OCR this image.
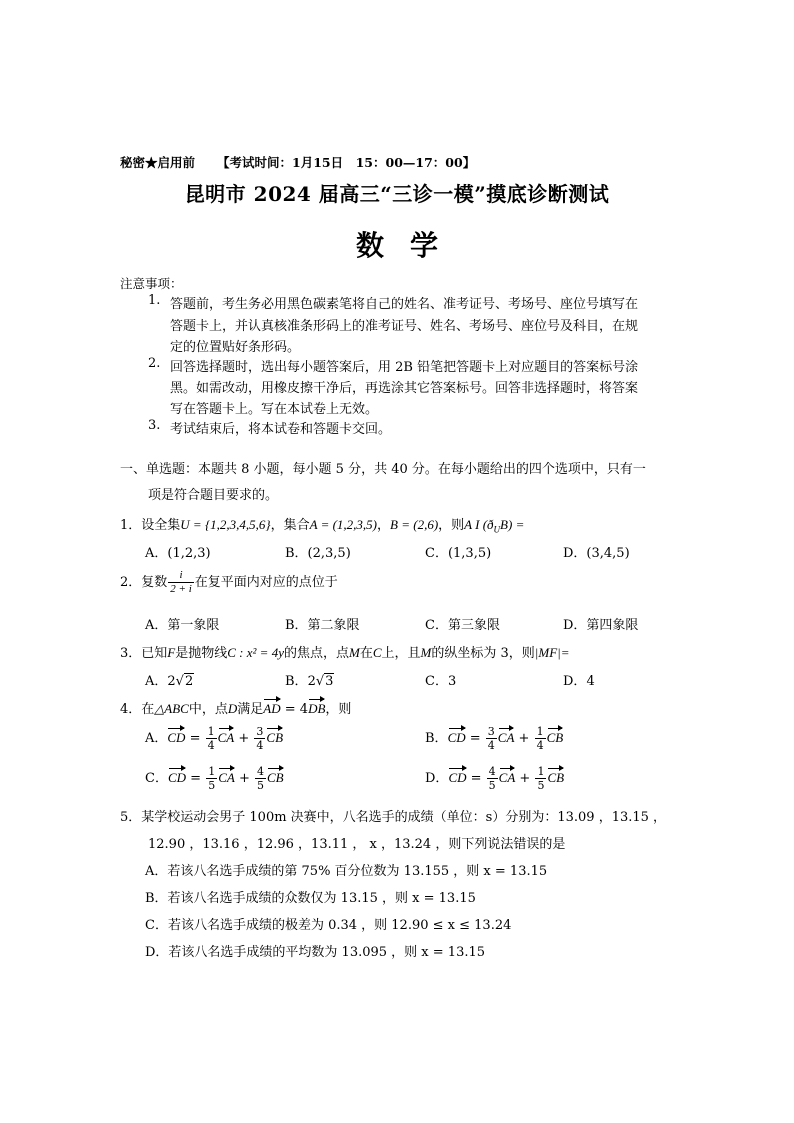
秘密★启用前 【考试时间：1月15日　15：00—17：00】
昆明市 2024 届高三“三诊一模”摸底诊断测试
数学
注意事项：
1. 答题前，考生务必用黑色碳素笔将自己的姓名、准考证号、考场号、座位号填写在
答题卡上，并认真核准条形码上的准考证号、姓名、考场号、座位号及科目，在规
定的位置贴好条形码。
2. 回答选择题时，选出每小题答案后，用 2B 铅笔把答题卡上对应题目的答案标号涂
黑。如需改动，用橡皮擦干净后，再选涂其它答案标号。回答非选择题时，将答案
写在答题卡上。写在本试卷上无效。
3. 考试结束后，将本试卷和答题卡交回。
一、单选题：本题共 8 小题，每小题 5 分，共 40 分。在每小题给出的四个选项中，只有一
项是符合题目要求的。
1．设全集U = {1,2,3,4,5,6}，集合A = (1,2,3,5)，B = (2,6)，则A I $(ð_UB)$ =
A．(1,2,3)	B．(2,3,5)	C．(1,3,5)	D．(3,4,5)
2．复数 $\frac{i}{2 + i}$ 在复平面内对应的点位于
A．第一象限	B．第二象限	C．第三象限	D．第四象限
3．已知F是抛物线C : x² = 4y的焦点，点M在C上，且M的纵坐标为 3，则|MF|=
A．2√2	B．2√3	C．3	D．4
4．在△ABC中，点D满足AD = 4DB，则
A．CD = $\frac{1}{4}$ CA + $\frac{3}{4}$ CB	B．CD = $\frac{3}{4}$ CA + $\frac{1}{4}$ CB
C．CD = $\frac{1}{5}$ CA + $\frac{4}{5}$ CB	D．CD = $\frac{4}{5}$ CA + $\frac{1}{5}$ CB
5．某学校运动会男子 100m 决赛中，八名选手的成绩（单位：s）分别为：13.09 ，13.15 ，
12.90 ，13.16 ，12.96 ，13.11 ， x ，13.24 ，则下列说法错误的是
A．若该八名选手成绩的第 75% 百分位数为 13.155 ，则 x = 13.15
B．若该八名选手成绩的众数仅为 13.15 ，则 x = 13.15
C．若该八名选手成绩的极差为 0.34 ，则 12.90 ≤ x ≤ 13.24
D．若该八名选手成绩的平均数为 13.095 ，则 x = 13.15
